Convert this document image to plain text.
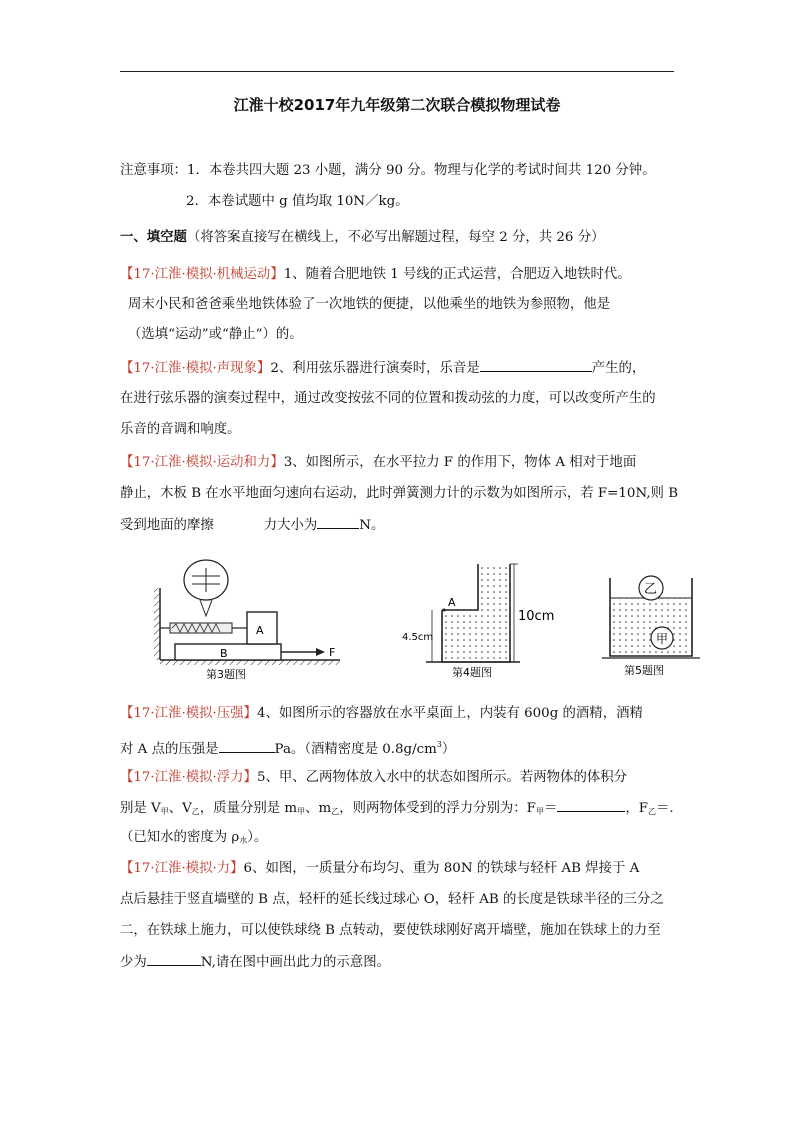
江淮十校2017年九年级第二次联合模拟物理试卷
注意事项：1．本卷共四大题 23 小题，满分 90 分。物理与化学的考试时间共 120 分钟。
2．本卷试题中 g 值均取 10N／kg。
一、填空题（将答案直接写在横线上，不必写出解题过程，每空 2 分，共 26 分）
【17·江淮·模拟·机械运动】1、随着合肥地铁 1 号线的正式运营，合肥迈入地铁时代。
周末小民和爸爸乘坐地铁体验了一次地铁的便捷，以他乘坐的地铁为参照物，他是
（选填“运动”或“静止”）的。
【17·江淮·模拟·声现象】2、利用弦乐器进行演奏时，乐音是	产生的，
在进行弦乐器的演奏过程中，通过改变按弦不同的位置和拨动弦的力度，可以改变所产生的
乐音的音调和响度。
【17·江淮·模拟·运动和力】3、如图所示，在水平拉力 F 的作用下，物体 A 相对于地面
静止，木板 B 在水平地面匀速向右运动，此时弹簧测力计的示数为如图所示，若 F=10N,则 B
受到地面的摩擦	力大小为	N。
B
A
F
第3题图
A
10cm
4.5cm
第4题图
乙
甲
第5题图
【17·江淮·模拟·压强】4、如图所示的容器放在水平桌面上，内装有 600g 的酒精，酒精
对 A 点的压强是	Pa。（酒精密度是 $0.8g/cm^3$）
【17·江淮·模拟·浮力】5、甲、乙两物体放入水中的状态如图所示。若两物体的体积分
别是 $V_甲$、$V_乙$，质量分别是 $m_甲$、$m_乙$，则两物体受到的浮力分别为：$F_甲=$	，$F_乙=$.
（已知水的密度为 $\rho_水$）。
【17·江淮·模拟·力】6、如图，一质量分布均匀、重为 80N 的铁球与轻杆 AB 焊接于 A
点后悬挂于竖直墙壁的 B 点，轻杆的延长线过球心 O，轻杆 AB 的长度是铁球半径的三分之
二，在铁球上施力，可以使铁球绕 B 点转动，要使铁球刚好离开墙壁，施加在铁球上的力至
少为	N,请在图中画出此力的示意图。
